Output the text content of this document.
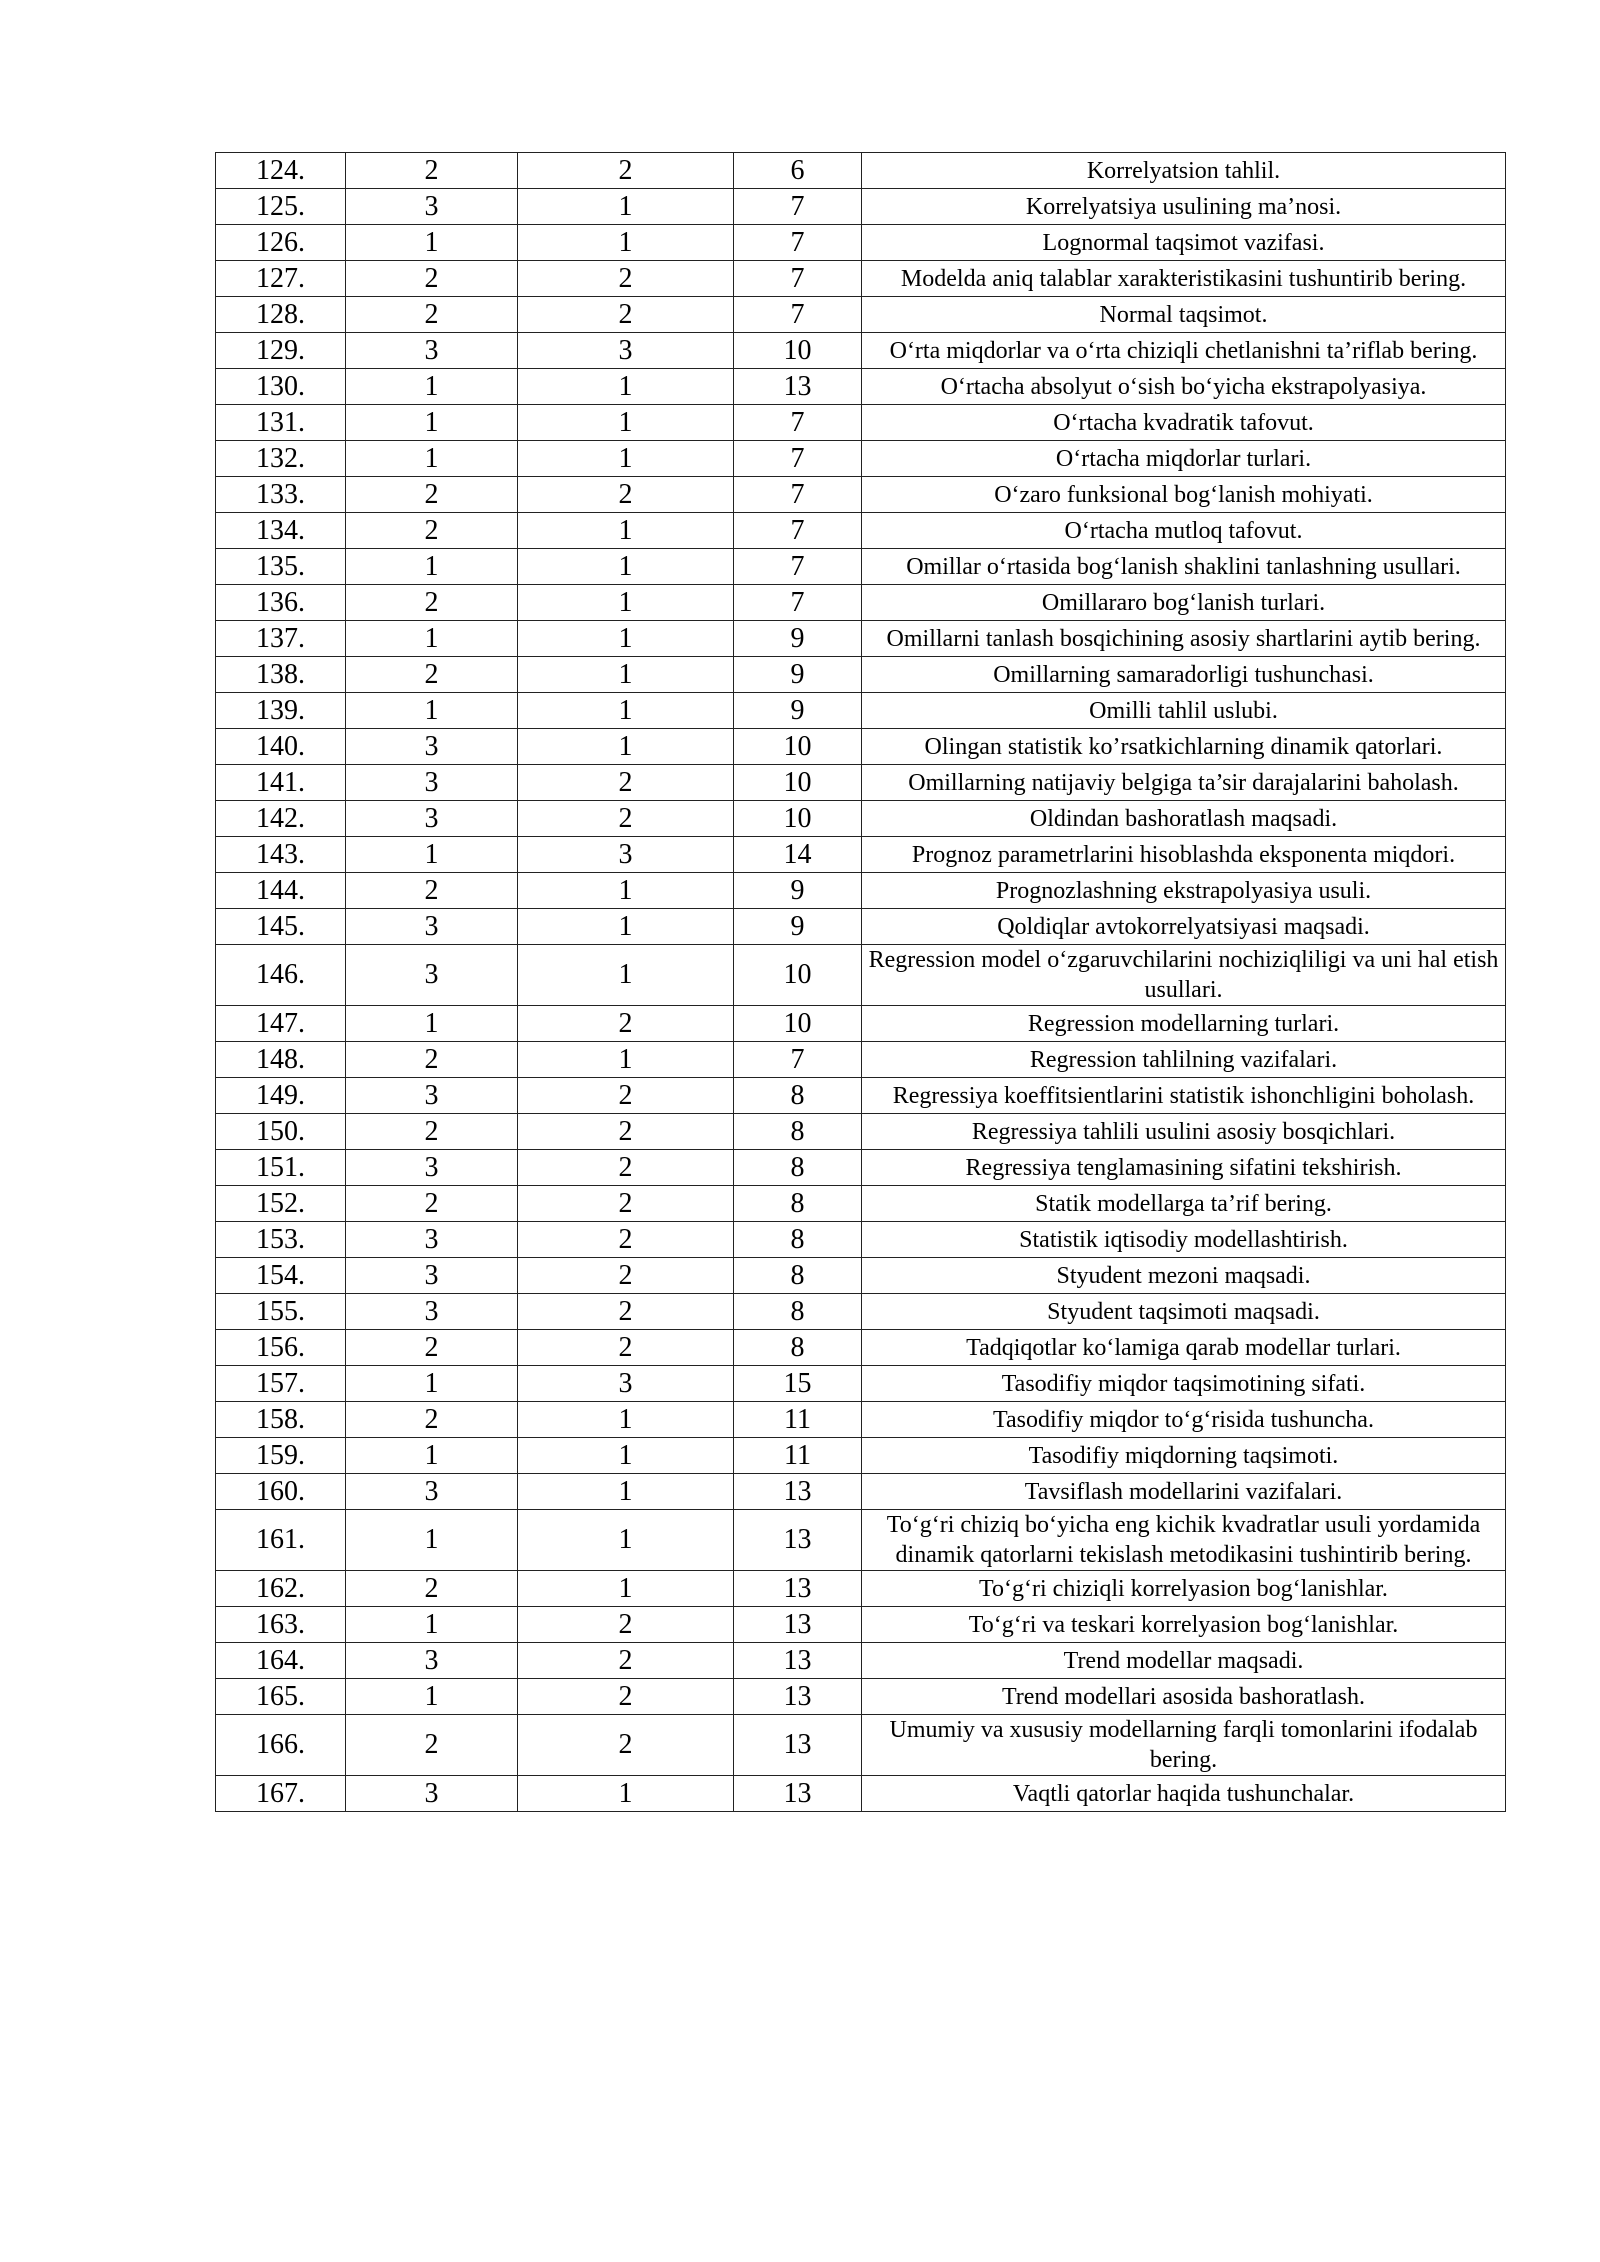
124.	2	2	6	Korrelyatsion tahlil.
125.	3	1	7	Korrelyatsiya usulining ma’nosi.
126.	1	1	7	Lognormal taqsimot vazifasi.
127.	2	2	7	Modelda aniq talablar xarakteristikasini tushuntirib bering.
128.	2	2	7	Normal taqsimot.
129.	3	3	10	O‘rta miqdorlar va o‘rta chiziqli chetlanishni ta’riflab bering.
130.	1	1	13	O‘rtacha absolyut o‘sish bo‘yicha ekstrapolyasiya.
131.	1	1	7	O‘rtacha kvadratik tafovut.
132.	1	1	7	O‘rtacha miqdorlar turlari.
133.	2	2	7	O‘zaro funksional bog‘lanish mohiyati.
134.	2	1	7	O‘rtacha mutloq tafovut.
135.	1	1	7	Omillar o‘rtasida bog‘lanish shaklini tanlashning usullari.
136.	2	1	7	Omillararo bog‘lanish turlari.
137.	1	1	9	Omillarni tanlash bosqichining asosiy shartlarini aytib bering.
138.	2	1	9	Omillarning samaradorligi tushunchasi.
139.	1	1	9	Omilli tahlil uslubi.
140.	3	1	10	Olingan statistik ko’rsatkichlarning dinamik qatorlari.
141.	3	2	10	Omillarning natijaviy belgiga ta’sir darajalarini baholash.
142.	3	2	10	Oldindan bashoratlash maqsadi.
143.	1	3	14	Prognoz parametrlarini hisoblashda eksponenta miqdori.
144.	2	1	9	Prognozlashning ekstrapolyasiya usuli.
145.	3	1	9	Qoldiqlar avtokorrelyatsiyasi maqsadi.
146.	3	1	10	Regression model o‘zgaruvchilarini nochiziqliligi va uni hal etish usullari.
147.	1	2	10	Regression modellarning turlari.
148.	2	1	7	Regression tahlilning vazifalari.
149.	3	2	8	Regressiya koeffitsientlarini statistik ishonchligini boholash.
150.	2	2	8	Regressiya tahlili usulini asosiy bosqichlari.
151.	3	2	8	Regressiya tenglamasining sifatini tekshirish.
152.	2	2	8	Statik modellarga ta’rif bering.
153.	3	2	8	Statistik iqtisodiy modellashtirish.
154.	3	2	8	Styudent mezoni maqsadi.
155.	3	2	8	Styudent taqsimoti maqsadi.
156.	2	2	8	Tadqiqotlar ko‘lamiga qarab modellar turlari.
157.	1	3	15	Tasodifiy miqdor taqsimotining sifati.
158.	2	1	11	Tasodifiy miqdor to‘g‘risida tushuncha.
159.	1	1	11	Tasodifiy miqdorning taqsimoti.
160.	3	1	13	Tavsiflash modellarini vazifalari.
161.	1	1	13	To‘g‘ri chiziq bo‘yicha eng kichik kvadratlar usuli yordamida dinamik qatorlarni tekislash metodikasini tushintirib bering.
162.	2	1	13	To‘g‘ri chiziqli korrelyasion bog‘lanishlar.
163.	1	2	13	To‘g‘ri va teskari korrelyasion bog‘lanishlar.
164.	3	2	13	Trend modellar maqsadi.
165.	1	2	13	Trend modellari asosida bashoratlash.
166.	2	2	13	Umumiy va xususiy modellarning farqli tomonlarini ifodalab bering.
167.	3	1	13	Vaqtli qatorlar haqida tushunchalar.
